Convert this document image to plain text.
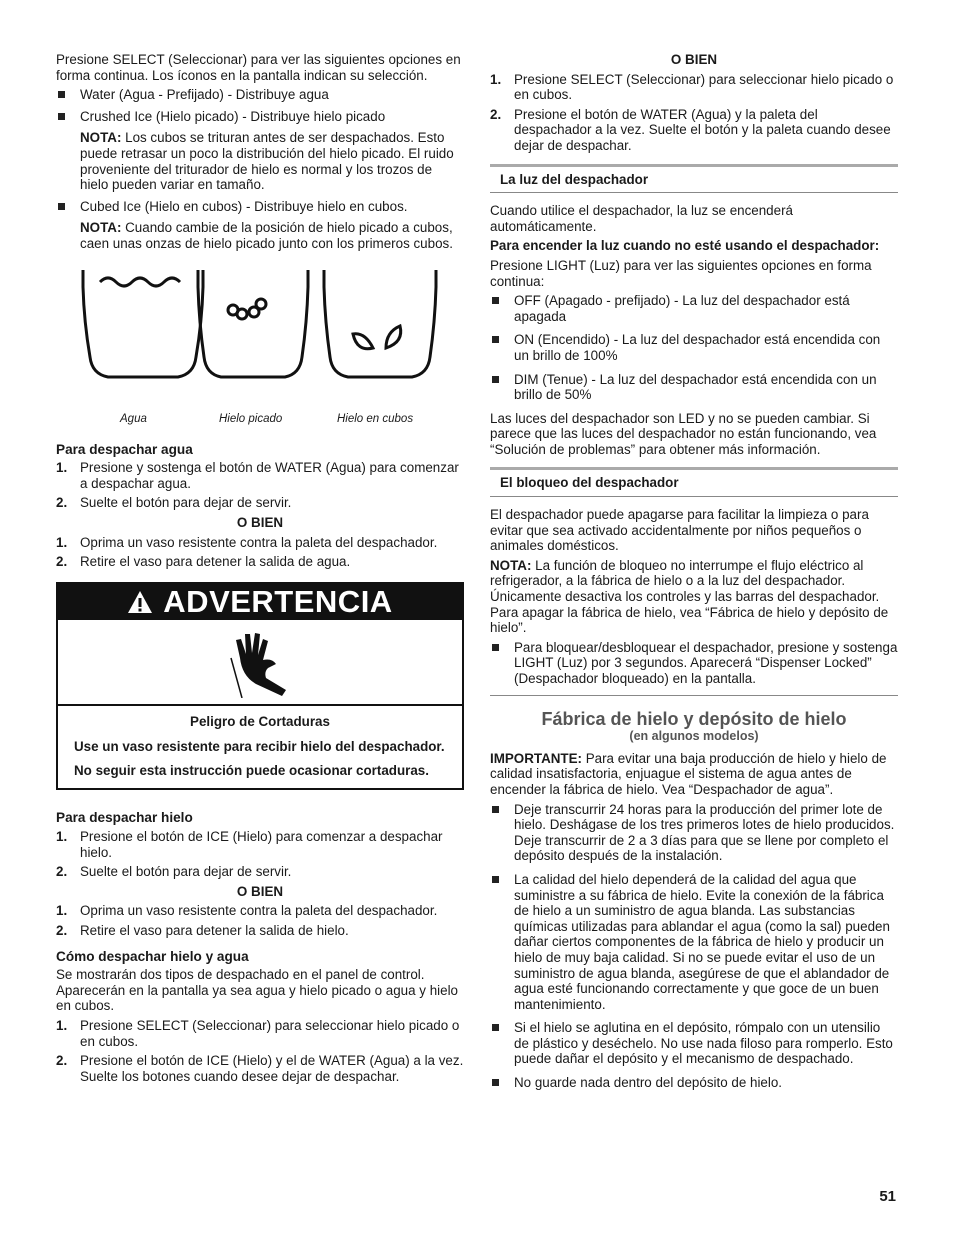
Presione SELECT (Seleccionar) para ver las siguientes opciones en forma continua. Los íconos en la pantalla indican su selección.

Water (Agua - Prefijado) - Distribuye agua
Crushed Ice (Hielo picado) - Distribuye hielo picado

NOTA: Los cubos se trituran antes de ser despachados. Esto puede retrasar un poco la distribución del hielo picado. El ruido proveniente del triturador de hielo es normal y los trozos de hielo pueden variar en tamaño.

Cubed Ice (Hielo en cubos) - Distribuye hielo en cubos.

NOTA: Cuando cambie de la posición de hielo picado a cubos, caen unas onzas de hielo picado junto con los primeros cubos.

Agua	Hielo picado	Hielo en cubos
Para despachar agua
1. Presione y sostenga el botón de WATER (Agua) para comenzar a despachar agua.
2. Suelte el botón para dejar de servir.
O BIEN
1. Oprima un vaso resistente contra la paleta del despachador.
2. Retire el vaso para detener la salida de agua.
ADVERTENCIA

Peligro de Cortaduras

Use un vaso resistente para recibir hielo del despachador.

No seguir esta instrucción puede ocasionar cortaduras.

Para despachar hielo
1. Presione el botón de ICE (Hielo) para comenzar a despachar hielo.
2. Suelte el botón para dejar de servir.
O BIEN
1. Oprima un vaso resistente contra la paleta del despachador.
2. Retire el vaso para detener la salida de hielo.
Cómo despachar hielo y agua

Se mostrarán dos tipos de despachado en el panel de control. Aparecerán en la pantalla ya sea agua y hielo picado o agua y hielo en cubos.

1. Presione SELECT (Seleccionar) para seleccionar hielo picado o en cubos.
2. Presione el botón de ICE (Hielo) y el de WATER (Agua) a la vez. Suelte los botones cuando desee dejar de despachar.
O BIEN
1. Presione SELECT (Seleccionar) para seleccionar hielo picado o en cubos.
2. Presione el botón de WATER (Agua) y la paleta del despachador a la vez. Suelte el botón y la paleta cuando desee dejar de despachar.
La luz del despachador

Cuando utilice el despachador, la luz se encenderá automáticamente.

Para encender la luz cuando no esté usando el despachador:

Presione LIGHT (Luz) para ver las siguientes opciones en forma continua:

OFF (Apagado - prefijado) - La luz del despachador está apagada
ON (Encendido) - La luz del despachador está encendida con un brillo de 100%
DIM (Tenue) - La luz del despachador está encendida con un brillo de 50%

Las luces del despachador son LED y no se pueden cambiar. Si parece que las luces del despachador no están funcionando, vea “Solución de problemas” para obtener más información.

El bloqueo del despachador

El despachador puede apagarse para facilitar la limpieza o para evitar que sea activado accidentalmente por niños pequeños o animales domésticos.

NOTA: La función de bloqueo no interrumpe el flujo eléctrico al refrigerador, a la fábrica de hielo o a la luz del despachador. Únicamente desactiva los controles y las barras del despachador. Para apagar la fábrica de hielo, vea “Fábrica de hielo y depósito de hielo”.

Para bloquear/desbloquear el despachador, presione y sostenga LIGHT (Luz) por 3 segundos. Aparecerá “Dispenser Locked” (Despachador bloqueado) en la pantalla.
Fábrica de hielo y depósito de hielo
(en algunos modelos)

IMPORTANTE: Para evitar una baja producción de hielo y hielo de calidad insatisfactoria, enjuague el sistema de agua antes de encender la fábrica de hielo. Vea “Despachador de agua”.

Deje transcurrir 24 horas para la producción del primer lote de hielo. Deshágase de los tres primeros lotes de hielo producidos. Deje transcurrir de 2 a 3 días para que se llene por completo el depósito después de la instalación.
La calidad del hielo dependerá de la calidad del agua que suministre a su fábrica de hielo. Evite la conexión de la fábrica de hielo a un suministro de agua blanda. Las substancias químicas utilizadas para ablandar el agua (como la sal) pueden dañar ciertos componentes de la fábrica de hielo y producir un hielo de muy baja calidad. Si no se puede evitar el uso de un suministro de agua blanda, asegúrese de que el ablandador de agua esté funcionando correctamente y que goce de un buen mantenimiento.
Si el hielo se aglutina en el depósito, rómpalo con un utensilio de plástico y deséchelo. No use nada filoso para romperlo. Esto puede dañar el depósito y el mecanismo de despachado.
No guarde nada dentro del depósito de hielo.
51
